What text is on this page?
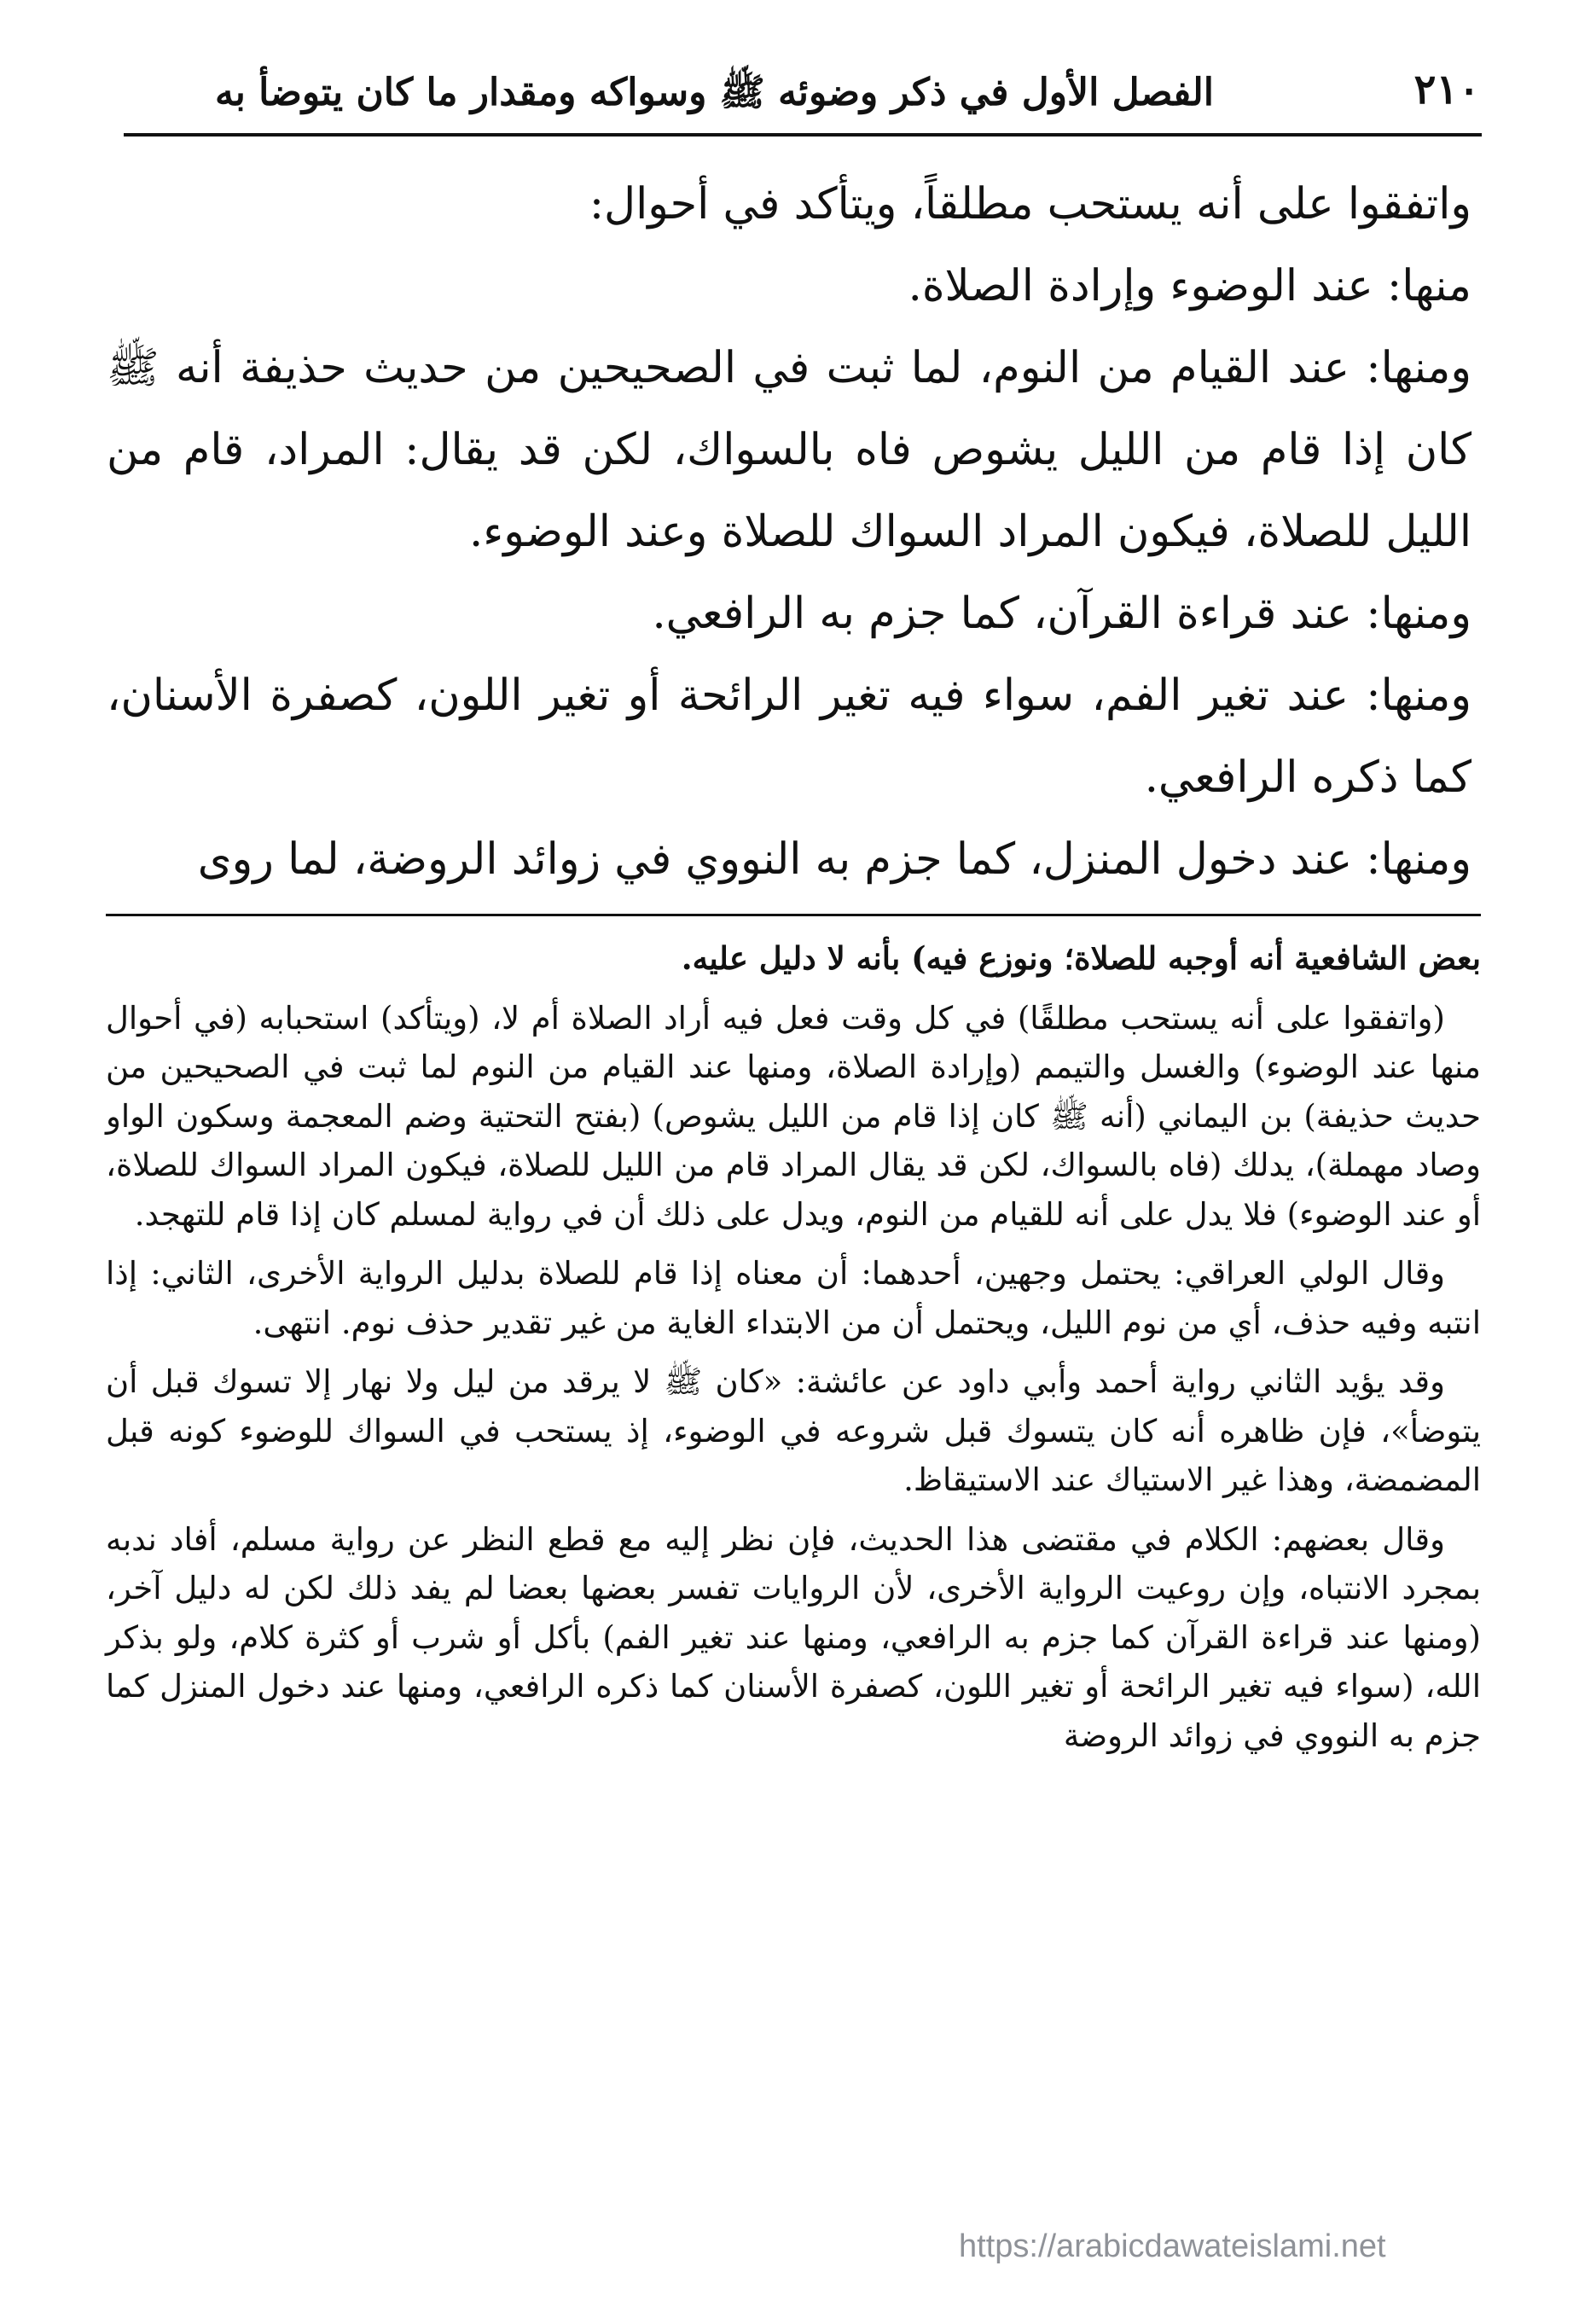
٢١٠
الفصل الأول في ذكر وضوئه ﷺ وسواكه ومقدار ما كان يتوضأ به

واتفقوا على أنه يستحب مطلقاً، ويتأكد في أحوال:

منها: عند الوضوء وإرادة الصلاة.

ومنها: عند القيام من النوم، لما ثبت في الصحيحين من حديث حذيفة أنه ﷺ كان إذا قام من الليل يشوص فاه بالسواك، لكن قد يقال: المراد، قام من الليل للصلاة، فيكون المراد السواك للصلاة وعند الوضوء.

ومنها: عند قراءة القرآن، كما جزم به الرافعي.

ومنها: عند تغير الفم، سواء فيه تغير الرائحة أو تغير اللون، كصفرة الأسنان، كما ذكره الرافعي.

ومنها: عند دخول المنزل، كما جزم به النووي في زوائد الروضة، لما روى

بعض الشافعية أنه أوجبه للصلاة؛ ونوزع فيه) بأنه لا دليل عليه.

(واتفقوا على أنه يستحب مطلقًا) في كل وقت فعل فيه أراد الصلاة أم لا، (ويتأكد) استحبابه (في أحوال منها عند الوضوء) والغسل والتيمم (وإرادة الصلاة، ومنها عند القيام من النوم لما ثبت في الصحيحين من حديث حذيفة) بن اليماني (أنه ﷺ كان إذا قام من الليل يشوص) (بفتح التحتية وضم المعجمة وسكون الواو وصاد مهملة)، يدلك (فاه بالسواك، لكن قد يقال المراد قام من الليل للصلاة، فيكون المراد السواك للصلاة، أو عند الوضوء) فلا يدل على أنه للقيام من النوم، ويدل على ذلك أن في رواية لمسلم كان إذا قام للتهجد.

وقال الولي العراقي: يحتمل وجهين، أحدهما: أن معناه إذا قام للصلاة بدليل الرواية الأخرى، الثاني: إذا انتبه وفيه حذف، أي من نوم الليل، ويحتمل أن من الابتداء الغاية من غير تقدير حذف نوم. انتهى.

وقد يؤيد الثاني رواية أحمد وأبي داود عن عائشة: «كان ﷺ لا يرقد من ليل ولا نهار إلا تسوك قبل أن يتوضأ»، فإن ظاهره أنه كان يتسوك قبل شروعه في الوضوء، إذ يستحب في السواك للوضوء كونه قبل المضمضة، وهذا غير الاستياك عند الاستيقاظ.

وقال بعضهم: الكلام في مقتضى هذا الحديث، فإن نظر إليه مع قطع النظر عن رواية مسلم، أفاد ندبه بمجرد الانتباه، وإن روعيت الرواية الأخرى، لأن الروايات تفسر بعضها بعضا لم يفد ذلك لكن له دليل آخر، (ومنها عند قراءة القرآن كما جزم به الرافعي، ومنها عند تغير الفم) بأكل أو شرب أو كثرة كلام، ولو بذكر الله، (سواء فيه تغير الرائحة أو تغير اللون، كصفرة الأسنان كما ذكره الرافعي، ومنها عند دخول المنزل كما جزم به النووي في زوائد الروضة

https://arabicdawateislami.net
